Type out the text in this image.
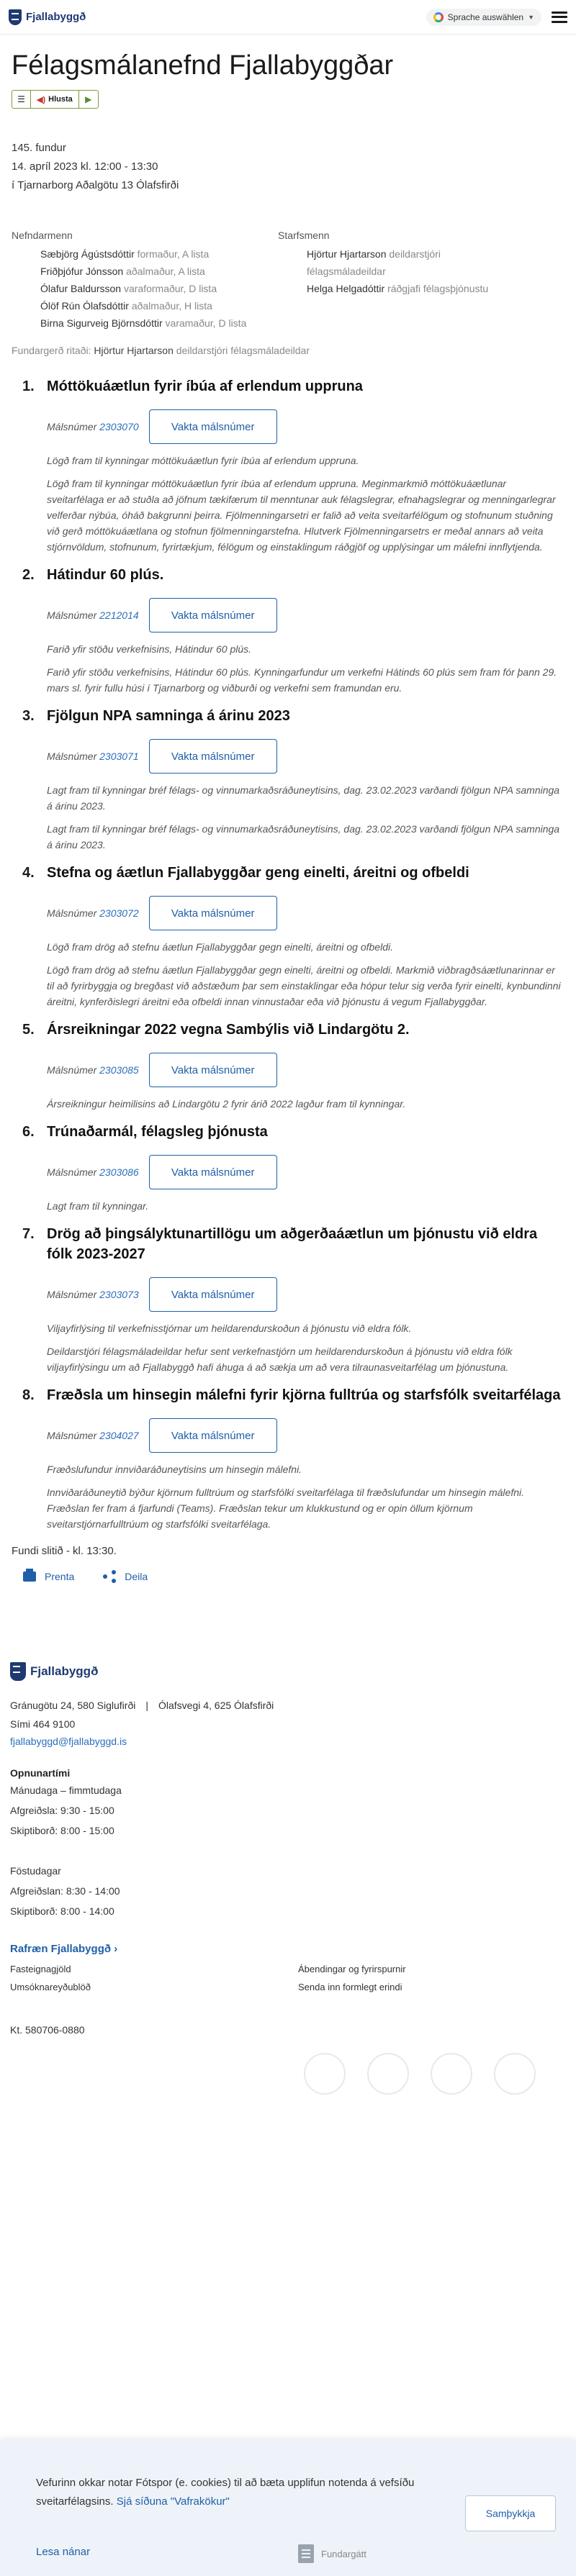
Fjallabyggð	Sprache auswählen ▼
Félagsmálanefnd Fjallabyggðar
☰	◀) Hlusta	▶
145. fundur
14. apríl 2023 kl. 12:00 - 13:30
í Tjarnarborg Aðalgötu 13 Ólafsfirði
Nefndarmenn
Sæbjörg Ágústsdóttir formaður, A lista
Friðþjófur Jónsson aðalmaður, A lista
Ólafur Baldursson varaformaður, D lista
Ólöf Rún Ólafsdóttir aðalmaður, H lista
Birna Sigurveig Björnsdóttir varamaður, D lista
Starfsmenn
Hjörtur Hjartarson deildarstjóri
félagsmáladeildar
Helga Helgadóttir ráðgjafi félagsþjónustu
Fundargerð ritaði: Hjörtur Hjartarson deildarstjóri félagsmáladeildar
1. Móttökuáætlun fyrir íbúa af erlendum uppruna
Málsnúmer 2303070	Vakta málsnúmer
Lögð fram til kynningar móttökuáætlun fyrir íbúa af erlendum uppruna.
Lögð fram til kynningar móttökuáætlun fyrir íbúa af erlendum uppruna. Meginmarkmið móttökuáætlunar sveitarfélaga er að stuðla að jöfnum tækifærum til menntunar auk félagslegrar, efnahagslegrar og menningarlegrar velferðar nýbúa, óháð bakgrunni þeirra. Fjölmenningarsetri er falið að veita sveitarfélögum og stofnunum stuðning við gerð móttökuáætlana og stofnun fjölmenningarstefna. Hlutverk Fjölmenningarsetrs er meðal annars að veita stjórnvöldum, stofnunum, fyrirtækjum, félögum og einstaklingum ráðgjöf og upplýsingar um málefni innflytjenda.
2. Hátindur 60 plús.
Málsnúmer 2212014	Vakta málsnúmer
Farið yfir stöðu verkefnisins, Hátindur 60 plús.
Farið yfir stöðu verkefnisins, Hátindur 60 plús. Kynningarfundur um verkefni Hátinds 60 plús sem fram fór þann 29. mars sl. fyrir fullu húsi í Tjarnarborg og viðburði og verkefni sem framundan eru.
3. Fjölgun NPA samninga á árinu 2023
Málsnúmer 2303071	Vakta málsnúmer
Lagt fram til kynningar bréf félags- og vinnumarkaðsráðuneytisins, dag. 23.02.2023 varðandi fjölgun NPA samninga á árinu 2023.
Lagt fram til kynningar bréf félags- og vinnumarkaðsráðuneytisins, dag. 23.02.2023 varðandi fjölgun NPA samninga á árinu 2023.
4. Stefna og áætlun Fjallabyggðar geng einelti, áreitni og ofbeldi
Málsnúmer 2303072	Vakta málsnúmer
Lögð fram drög að stefnu áætlun Fjallabyggðar gegn einelti, áreitni og ofbeldi.
Lögð fram drög að stefnu áætlun Fjallabyggðar gegn einelti, áreitni og ofbeldi. Markmið viðbragðsáætlunarinnar er til að fyrirbyggja og bregðast við aðstæðum þar sem einstaklingar eða hópur telur sig verða fyrir einelti, kynbundinni áreitni, kynferðislegri áreitni eða ofbeldi innan vinnustaðar eða við þjónustu á vegum Fjallabyggðar.
5. Ársreikningar 2022 vegna Sambýlis við Lindargötu 2.
Málsnúmer 2303085	Vakta málsnúmer
Ársreikningur heimilisins að Lindargötu 2 fyrir árið 2022 lagður fram til kynningar.
6. Trúnaðarmál, félagsleg þjónusta
Málsnúmer 2303086	Vakta málsnúmer
Lagt fram til kynningar.
7. Drög að þingsályktunartillögu um aðgerðaáætlun um þjónustu við eldra fólk 2023-2027
Málsnúmer 2303073	Vakta málsnúmer
Viljayfirlýsing til verkefnisstjórnar um heildarendurskoðun á þjónustu við eldra fólk.
Deildarstjóri félagsmáladeildar hefur sent verkefnastjórn um heildarendurskoðun á þjónustu við eldra fólk viljayfirlýsingu um að Fjallabyggð hafi áhuga á að sækja um að vera tilraunasveitarfélag um þjónustuna.
8. Fræðsla um hinsegin málefni fyrir kjörna fulltrúa og starfsfólk sveitarfélaga
Málsnúmer 2304027	Vakta málsnúmer
Fræðslufundur innviðaráðuneytisins um hinsegin málefni.
Innviðaráðuneytið býður kjörnum fulltrúum og starfsfólki sveitarfélaga til fræðslufundar um hinsegin málefni. Fræðslan fer fram á fjarfundi (Teams). Fræðslan tekur um klukkustund og er opin öllum kjörnum sveitarstjórnarfulltrúum og starfsfólki sveitarfélaga.
Fundi slitið - kl. 13:30.
Prenta	Deila
Fjallabyggð
Gránugötu 24, 580 Siglufirði | Ólafsvegi 4, 625 Ólafsfirði
Sími 464 9100
fjallabyggd@fjallabyggd.is
Opnunartími
Mánudaga – fimmtudaga
Afgreiðsla: 9:30 - 15:00
Skiptiborð: 8:00 - 15:00
Föstudagar
Afgreiðslan: 8:30 - 14:00
Skiptiborð: 8:00 - 14:00
Rafræn Fjallabyggð ›
Fasteignagjöld	Ábendingar og fyrirspurnir
Umsóknareyðublöð	Senda inn formlegt erindi
Kt. 580706-0880
Vefurinn okkar notar Fótspor (e. cookies) til að bæta upplifun notenda á vefsíðu sveitarfélagsins. Sjá síðuna "Vafrakökur"
Samþykkja
Lesa nánar	Fundargátt
